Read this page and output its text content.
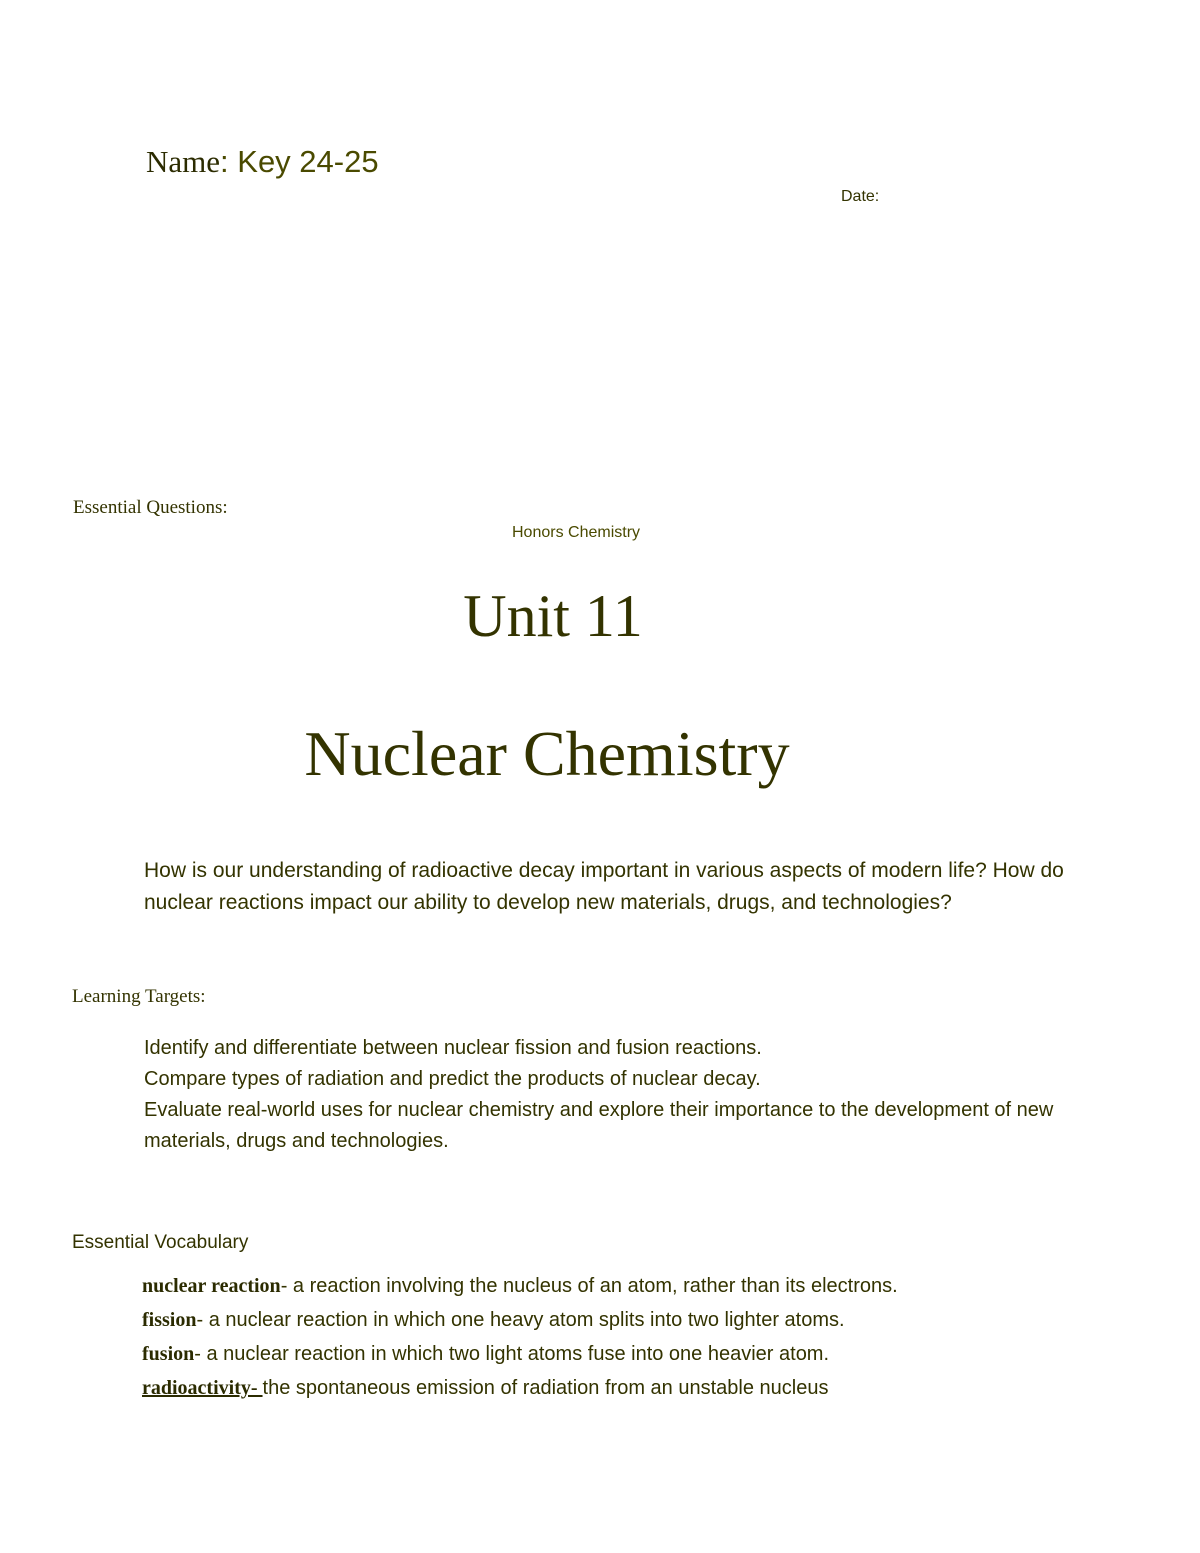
Name: Key 24-25
Date:
Essential Questions:
Honors Chemistry
Unit 11
Nuclear Chemistry
How is our understanding of radioactive decay important in various aspects of modern life? How do nuclear reactions impact our ability to develop new materials, drugs, and technologies?
Learning Targets:
Identify and differentiate between nuclear fission and fusion reactions.
Compare types of radiation and predict the products of nuclear decay.
Evaluate real-world uses for nuclear chemistry and explore their importance to the development of new materials, drugs and technologies.
Essential Vocabulary
nuclear reaction- a reaction involving the nucleus of an atom, rather than its electrons.
fission- a nuclear reaction in which one heavy atom splits into two lighter atoms.
fusion- a nuclear reaction in which two light atoms fuse into one heavier atom.
radioactivity- the spontaneous emission of radiation from an unstable nucleus
